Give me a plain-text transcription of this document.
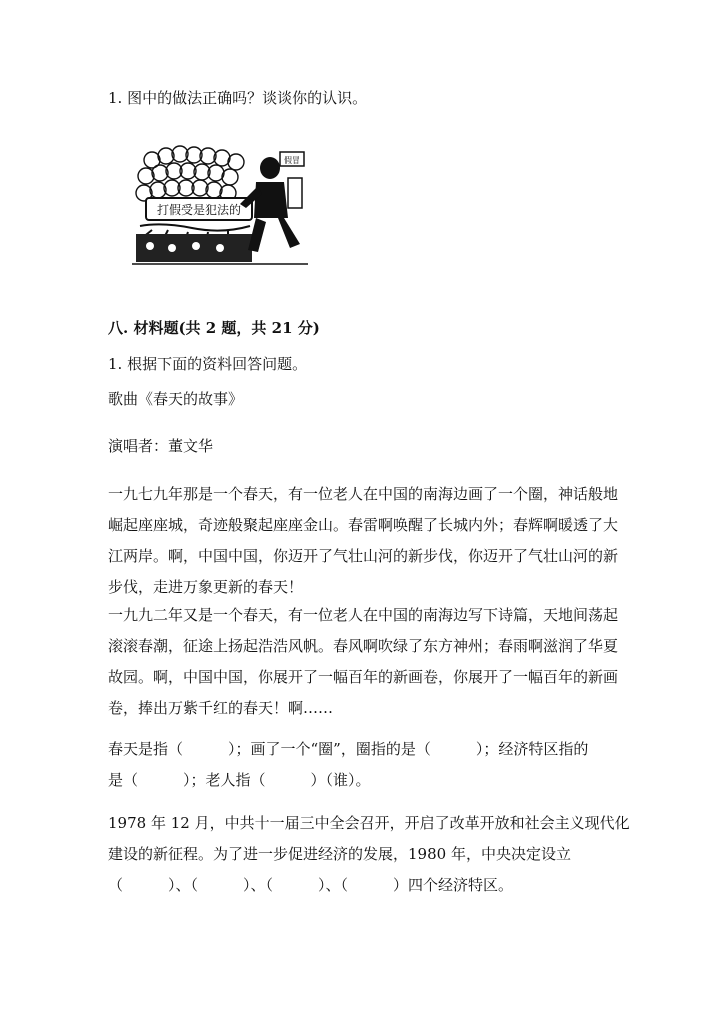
1. 图中的做法正确吗？谈谈你的认识。
打假受是犯法的
假冒
八. 材料题(共 2 题，共 21 分)
1. 根据下面的资料回答问题。
歌曲《春天的故事》
演唱者：董文华
一九七九年那是一个春天，有一位老人在中国的南海边画了一个圈，神话般地
崛起座座城，奇迹般聚起座座金山。春雷啊唤醒了长城内外；春辉啊暖透了大
江两岸。啊，中国中国，你迈开了气壮山河的新步伐，你迈开了气壮山河的新
步伐，走进万象更新的春天！
一九九二年又是一个春天，有一位老人在中国的南海边写下诗篇，天地间荡起
滚滚春潮，征途上扬起浩浩风帆。春风啊吹绿了东方神州；春雨啊滋润了华夏
故园。啊，中国中国，你展开了一幅百年的新画卷，你展开了一幅百年的新画
卷，捧出万紫千红的春天！啊……
春天是指（　　　）；画了一个“圈”，圈指的是（　　　）；经济特区指的
是（　　　）；老人指（　　　）（谁）。
1978 年 12 月，中共十一届三中全会召开，开启了改革开放和社会主义现代化
建设的新征程。为了进一步促进经济的发展，1980 年，中央决定设立
（　　　）、（　　　）、（　　　）、（　　　）四个经济特区。
